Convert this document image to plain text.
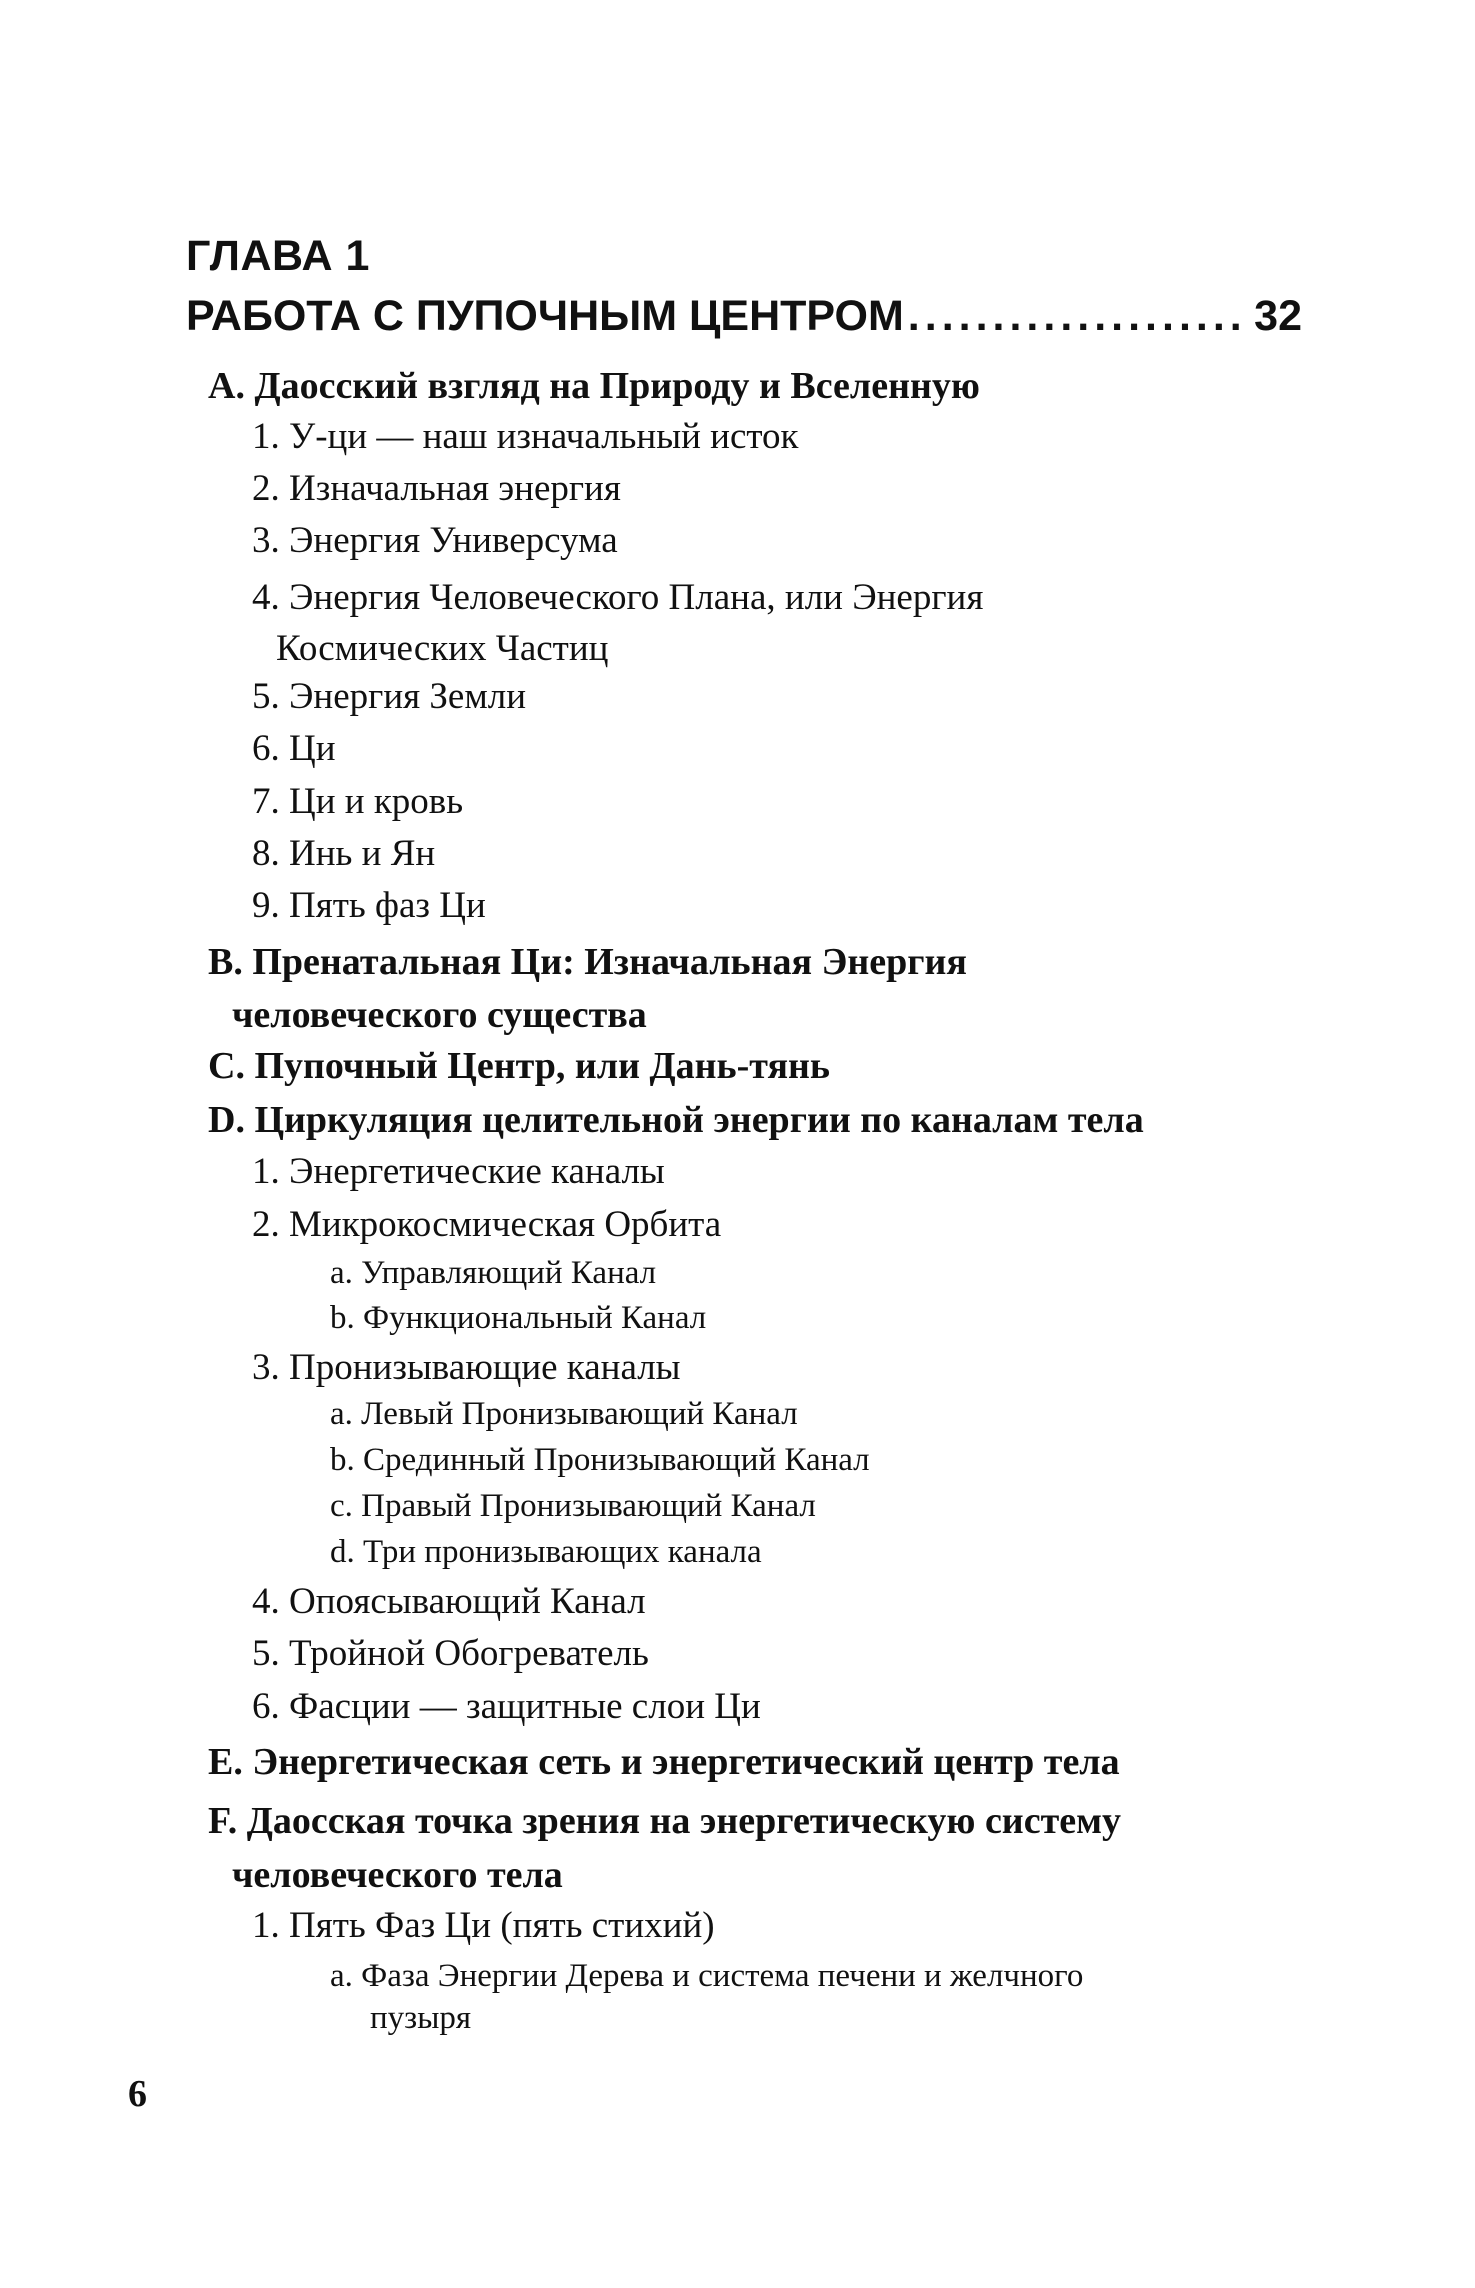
ГЛАВА 1
РАБОТА С ПУПОЧНЫМ ЦЕНТРОМ .....	32
A. Даосский взгляд на Природу и Вселенную
1. У-ци — наш изначальный исток
2. Изначальная энергия
3. Энергия Универсума
4. Энергия Человеческого Плана, или Энергия
Космических Частиц
5. Энергия Земли
6. Ци
7. Ци и кровь
8. Инь и Ян
9. Пять фаз Ци
B. Пренатальная Ци: Изначальная Энергия
человеческого существа
C. Пупочный Центр, или Дань-тянь
D. Циркуляция целительной энергии по каналам тела
1. Энергетические каналы
2. Микрокосмическая Орбита
a. Управляющий Канал
b. Функциональный Канал
3. Пронизывающие каналы
a. Левый Пронизывающий Канал
b. Срединный Пронизывающий Канал
c. Правый Пронизывающий Канал
d. Три пронизывающих канала
4. Опоясывающий Канал
5. Тройной Обогреватель
6. Фасции — защитные слои Ци
E. Энергетическая сеть и энергетический центр тела
F. Даосская точка зрения на энергетическую систему
человеческого тела
1. Пять Фаз Ци (пять стихий)
a. Фаза Энергии Дерева и система печени и желчного
пузыря
6
